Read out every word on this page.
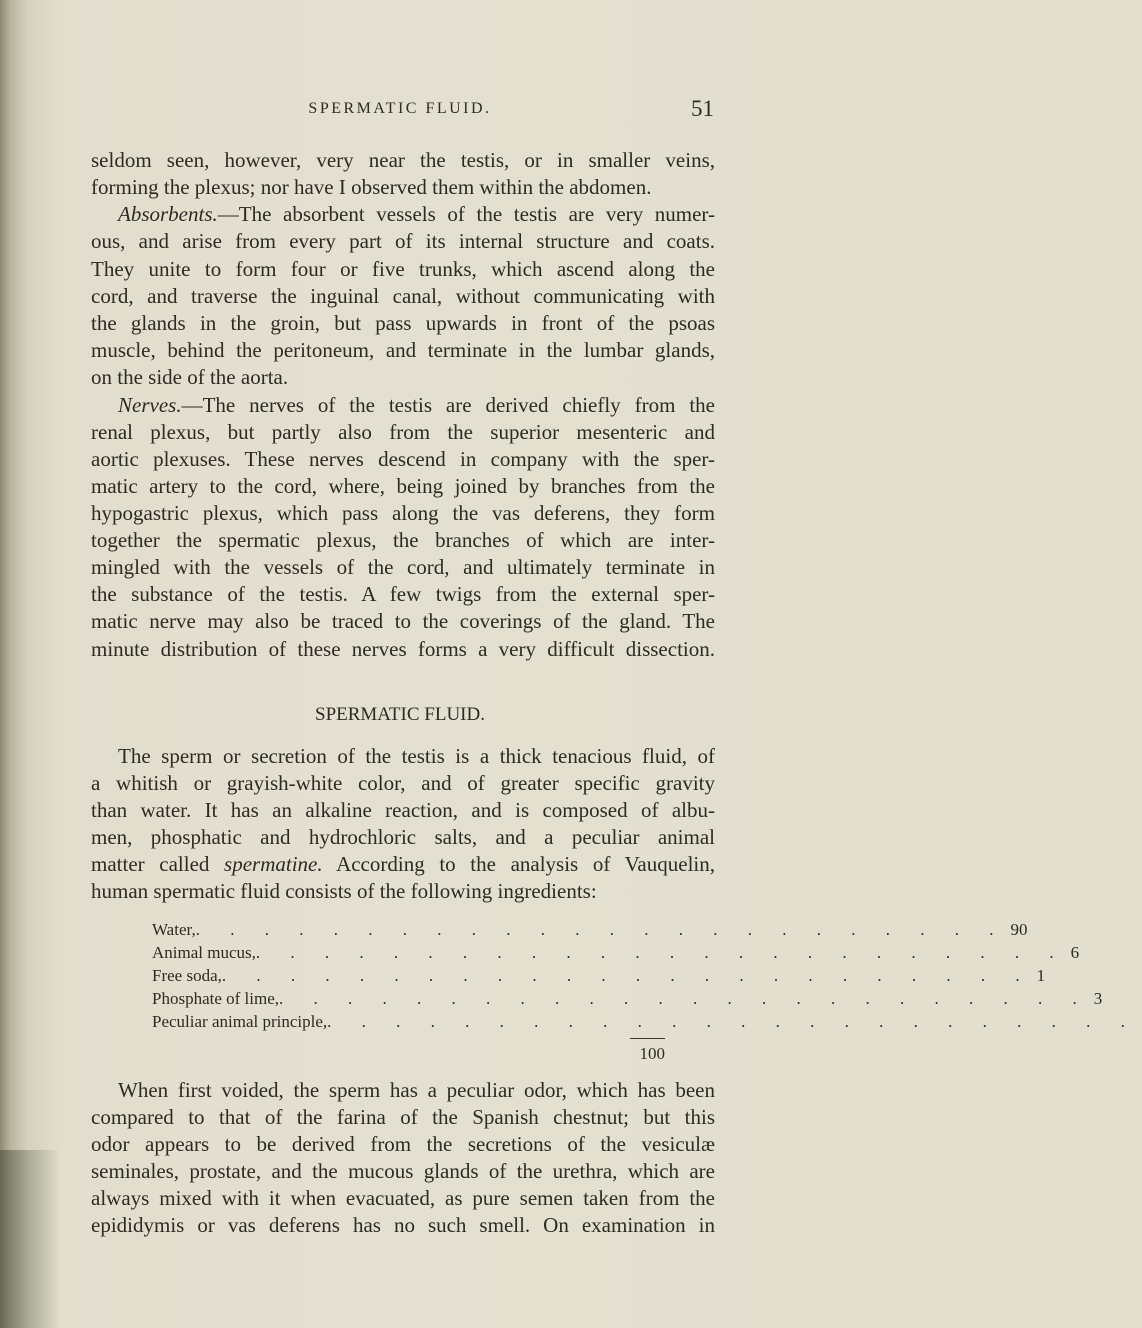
SPERMATIC FLUID.	51
seldom seen, however, very near the testis, or in smaller veins,
forming the plexus; nor have I observed them within the abdomen.
Absorbents.—The absorbent vessels of the testis are very numer-
ous, and arise from every part of its internal structure and coats.
They unite to form four or five trunks, which ascend along the
cord, and traverse the inguinal canal, without communicating with
the glands in the groin, but pass upwards in front of the psoas
muscle, behind the peritoneum, and terminate in the lumbar glands,
on the side of the aorta.
Nerves.—The nerves of the testis are derived chiefly from the
renal plexus, but partly also from the superior mesenteric and
aortic plexuses. These nerves descend in company with the sper-
matic artery to the cord, where, being joined by branches from the
hypogastric plexus, which pass along the vas deferens, they form
together the spermatic plexus, the branches of which are inter-
mingled with the vessels of the cord, and ultimately terminate in
the substance of the testis. A few twigs from the external sper-
matic nerve may also be traced to the coverings of the gland. The
minute distribution of these nerves forms a very difficult dissection.
SPERMATIC FLUID.
The sperm or secretion of the testis is a thick tenacious fluid, of
a whitish or grayish-white color, and of greater specific gravity
than water. It has an alkaline reaction, and is composed of albu-
men, phosphatic and hydrochloric salts, and a peculiar animal
matter called spermatine. According to the analysis of Vauquelin,
human spermatic fluid consists of the following ingredients:
Water, . . . . . . . . . . . . . . . . . . . . . . . . 90
Animal mucus, . . . . . . . . . . . . . . . . . . . . . . . . 6
Free soda, . . . . . . . . . . . . . . . . . . . . . . . . 1
Phosphate of lime, . . . . . . . . . . . . . . . . . . . . . . . . 3
Peculiar animal principle, . . . . . . . . . . . . . . . . . . . . . . . .
100
When first voided, the sperm has a peculiar odor, which has been
compared to that of the farina of the Spanish chestnut; but this
odor appears to be derived from the secretions of the vesiculæ
seminales, prostate, and the mucous glands of the urethra, which are
always mixed with it when evacuated, as pure semen taken from the
epididymis or vas deferens has no such smell. On examination in
